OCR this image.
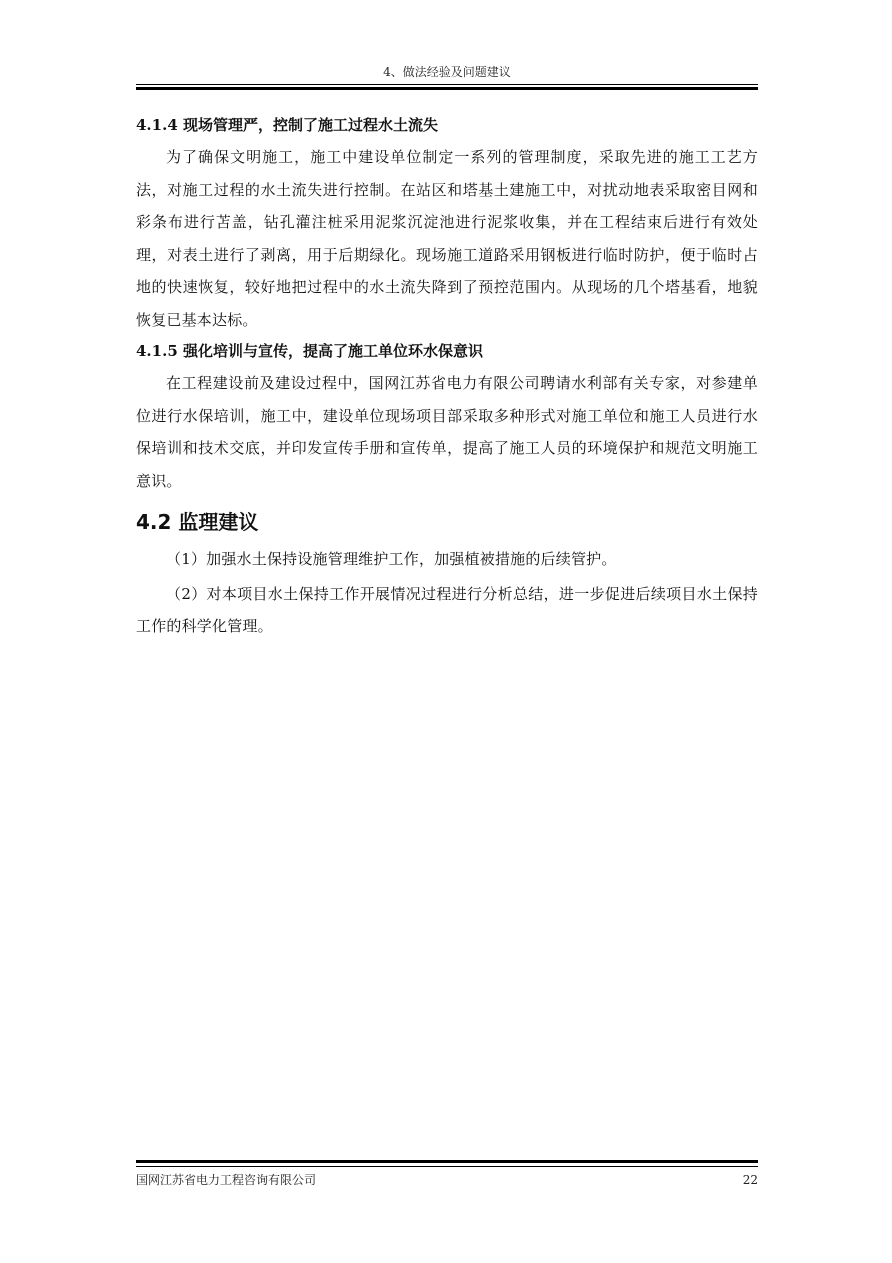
4、做法经验及问题建议
4.1.4 现场管理严，控制了施工过程水土流失

为了确保文明施工，施工中建设单位制定一系列的管理制度，采取先进的施工工艺方法，对施工过程的水土流失进行控制。在站区和塔基土建施工中，对扰动地表采取密目网和彩条布进行苫盖，钻孔灌注桩采用泥浆沉淀池进行泥浆收集，并在工程结束后进行有效处理，对表土进行了剥离，用于后期绿化。现场施工道路采用钢板进行临时防护，便于临时占地的快速恢复，较好地把过程中的水土流失降到了预控范围内。从现场的几个塔基看，地貌恢复已基本达标。

4.1.5 强化培训与宣传，提高了施工单位环水保意识

在工程建设前及建设过程中，国网江苏省电力有限公司聘请水利部有关专家，对参建单位进行水保培训，施工中，建设单位现场项目部采取多种形式对施工单位和施工人员进行水保培训和技术交底，并印发宣传手册和宣传单，提高了施工人员的环境保护和规范文明施工意识。

4.2 监理建议

（1）加强水土保持设施管理维护工作，加强植被措施的后续管护。

（2）对本项目水土保持工作开展情况过程进行分析总结，进一步促进后续项目水土保持工作的科学化管理。

国网江苏省电力工程咨询有限公司	22
